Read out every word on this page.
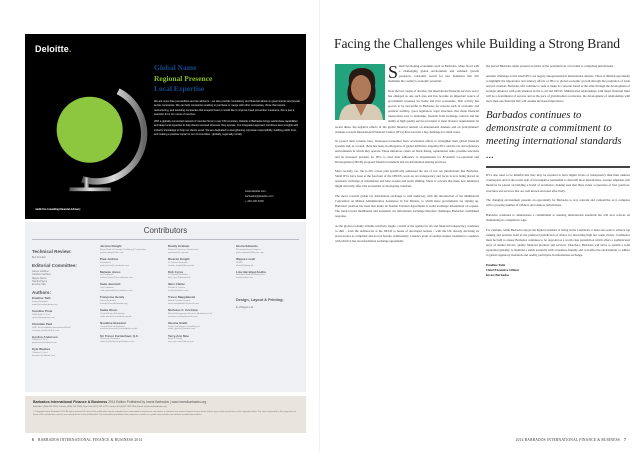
Deloitte.
Global Name
Regional Presence
Local Expertise

We are more than just auditors and tax advisors – we also provide consultancy and financial advice to governments and private sector companies. We can help companies seeking to purchase or merge with other companies, those that require restructuring, and assisting companies that suspect fraud or would like to improve fraud prevention measures, this is just a selection from our menu of services.

With a globally-connected network of member firms in over 150 countries, Deloitte in Barbados brings world-class capabilities and deep local expertise to help clients succeed wherever they operate. Our integrated approach combines keen insights with industry knowledge to help our clients excel. We are dedicated to strengthening corporate responsibility, building public trust, and making a positive impact in our communities - globally, regionally, locally.

www.deloitte.com
barbados@deloitte.com
+ 246 430 6400
Audit.Tax.Consulting.Financial Advisory.
Contributors
Technical Review:
Ben Arrindell
Editorial Committee:
James Gardiner
Caroline Gardiner
Wayne Alston
Sandra Payne
Emeline Taitt
Authors:
Emeline Taitt
Invest Barbados
etaitt@investbarbados.org
Caroline Prow
DGM Bank & Trust
cprow@dgmgroup.com
Christian Paul
CIBC FirstCaribbean International Bank
christian.paul@cibcfcib.com
Gordon Anderson
Citibank & Trust
ganderson@citibank.com
Kyle Weekes
Citibank & Trust
kweekes@citibank.com
Jerome Dwight
Royal Bank of Canada (Caribbean) Corporation
jerome.dwight@rbc.com
Paul Jenkins
Scotiabank
paul.jenkins@scotiabank.com
Melanie Jones
LesCaribbean
melanie.jones@lescaribbean.com
Sade Jemmott
LesCaribbean
sade.jemmott@lescaribbean.com
Françoise Hendy
Invest Barbados
fhendy@investbarbados.org
Sadia Olson
Central Bank of Barbados
sadia.olson@centralbank.org.bb
Novaline Brewster
Central Bank of Barbados
novaline.brewster@centralbank.org.bb
Sir Trevor Carmichael, Q.C.
Chancery Chambers
chancery@chancerychambers.com
Randy Graham
Financial Services Commission
rgraham@fsc.gov.bb
Ricardo Knight
LJ Towner Barbados
ricardo_knight@ltowner.bb
Kirk Cyrus
LJ Towner Barbados
kirk_cyrus@ltowner.bb
Ikins Clarke
Deloitte & Touche
iclarke@deloitte.com
Trevor Mapplebeck
Marsh Canada Limited
trevor.mapplebeck@marsh.com
Nicholas C. Crichlow
Marsh Management Services (Barbados) Ltd.
nicholas.crichlow@marsh.com
Glenna Smith
Smith Compliance Consulting Inc.
smith_glenna@hotmail.com
Terry-Ann Moe
Ernst & Young
terry-ann.moe@bb.ey.com
Gloria Eduardo
PricewaterhouseCoopers
gloria.eduardo@bb.pwc.com
Wayne Lovell
KPMG
wlovell@kpmg.bb
Liza Harridyal-Sodha
Harridyal-Sodha & Associates
lisa@hsslaw.com
Design, Layout & Printing:
E-Villages Ltd.
Barbados International Finance & Business 2014 Edition Published by Invest Barbados | www.investbarbados.org
Barbados (246) 626-2000, Toronto (416) 214-9919, New York (212) 551-4375, London 44 (0)207 299 7300, Email: ib@investbarbados.org
© Copyright Invest Barbados 2014. All rights reserved. No part of this publication may be reproduced or transmitted in any form or any means, or stored in any retrieval system of any nature without prior written permission of the copyright holder. The views expressed in this magazine are those of the contributors, and not necessarily those of Invest Barbados. The information provided in this magazine is meant as a guide only and does not amount to professional advice.
6 BARBADOS INTERNATIONAL FINANCE & BUSINESS 2014
Facing the Challenges while Building a Strong Brand

Small developing economies such as Barbados, when faced with a challenging global environment and subdued growth prospects, constantly search for new industries that will maximise the country's economic potential.

Over the last couple of decades, the international financial services sector has emerged as one such area and has become an important source of government revenues for home and host economies. This activity has proven to be successful in Barbados for reasons such as economic and political stability, good regulation, legal structures that made financial transactions easy to undertake, freedom from exchange controls and the ability of high quality service providers to meet investor requirements. In recent times, the negative effects of the global financial turmoil on international markets and on policymakers' attitudes towards International Financial Centres (IFCs) have become a big challenge for small states.

To protect their revenue base, developed economies have accelerated efforts to strengthen their global financial systems and, as a result, there has been an emergence of global initiatives targeting IFCs and the tax and regulatory environments in which they operate. These initiatives centre on black listing, reputational risks, possible sanctions and an increased pressure for IFCs to raise their adherence to Organisation for Economic Co-operation and Development (OECD) proposed financial standards and tax information sharing practices.

More recently too, the G-20's action plan specifically addressed the use of low tax jurisdictions like Barbados. Small IFCs have been at the forefront of the OECD's work on tax transparency and focus is now being placed on automatic exchange of information and base erosion and profit shifting. There is concern that these new initiatives might adversely affect the economies of developing countries.

The move towards global tax information exchange is well underway with the introduction of the Multilateral Convention on Mutual Administrative Assistance in Tax Matters, to which more governments are signing up. Barbados' position has been that under its Double Taxation Agreements it could exchange information on request. The trend toward multilateral and automatic tax information exchange therefore challenges Barbados' established response.

As the global economy remains relatively fragile, control of the agenda for tax and financial transparency continues to shift - from the technocrats at the OECD to heads of developed nations - with the UK already declaring its protectorates as compliant and not tax havens. Additionally, Canada's grant of exempt surplus treatment to countries with which it has tax information exchange agreements

has placed Barbados under pressure in terms of the potential loss of revenue to competing jurisdictions.

Another challenge is that small IFCs are largely unrepresented in international debates. There is limited opportunity to highlight the importance and salutary effects of IFCs to global economic growth through the promotion of trade and job creation. Barbados will continue to seek to make its concerns heard at the table through the development of stronger alliances with policymakers in the G-20 and OECD. Multifaceted relationships with major financial hubs will be a determinant of success and as the pace of globalisation accelerates, the development of relationships with more than one financial hub will assume increased importance.

Barbados continues to demonstrate a commitment to meeting international standards ...

IFCs also need to be mindful that they may be required to have higher levels of transparency than their onshore counterparts and of the recent spin of investigative journalism to discredit most jurisdictions. Greater emphasis will therefore be placed on building a brand of excellence, making sure that there exists a repertoire of best practices, structures and services that are well known and used effectively.

The changing environment presents an opportunity for Barbados to stay relevant and competitive as it competes with a growing number of offshore and onshore jurisdictions.

Barbados continues to demonstrate a commitment to meeting international standards but will now refocus on maintaining its competitive edge.

For example, while Barbados enjoys the highest standard of living in the Caribbean, it must also seek to achieve top ranking and position itself as the preferred jurisdiction of choice for discerning high net worth clients. Confidence must be built to ensure Barbados continues to be regarded as a world-class jurisdiction which offers a sophisticated array of market drivers, quality financial products and services. Therefore, Barbados will strive to sustain a solid reputation globally, to maintain a stable economy with a business-friendly and cost-effective environment, to adhere to global regulatory standards and readily participate in information exchange.

Emeline Taitt
Chief Executive Officer
Invest Barbados
2014 BARBADOS INTERNATIONAL FINANCE & BUSINESS 7
